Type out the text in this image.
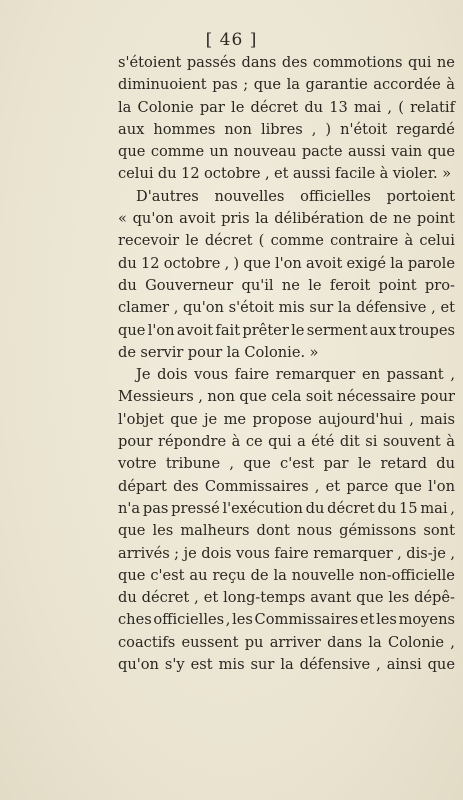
[ 46 ]
s'étoient passés dans des commotions qui ne
diminuoient pas ; que la garantie accordée à
la Colonie par le décret du 13 mai , ( relatif
aux hommes non libres , ) n'étoit regardé
que comme un nouveau pacte aussi vain que
celui du 12 octobre , et aussi facile à violer. »
D'autres nouvelles officielles portoient
« qu'on avoit pris la délibération de ne point
recevoir le décret ( comme contraire à celui
du 12 octobre , ) que l'on avoit exigé la parole
du Gouverneur qu'il ne le feroit point pro-
clamer , qu'on s'étoit mis sur la défensive , et
que l'on avoit fait prêter le serment aux troupes
de servir pour la Colonie. »
Je dois vous faire remarquer en passant ,
Messieurs , non que cela soit nécessaire pour
l'objet que je me propose aujourd'hui , mais
pour répondre à ce qui a été dit si souvent à
votre tribune , que c'est par le retard du
départ des Commissaires , et parce que l'on
n'a pas pressé l'exécution du décret du 15 mai ,
que les malheurs dont nous gémissons sont
arrivés ; je dois vous faire remarquer , dis-je ,
que c'est au reçu de la nouvelle non-officielle
du décret , et long-temps avant que les dépê-
ches officielles , les Commissaires et les moyens
coactifs eussent pu arriver dans la Colonie ,
qu'on s'y est mis sur la défensive , ainsi que
